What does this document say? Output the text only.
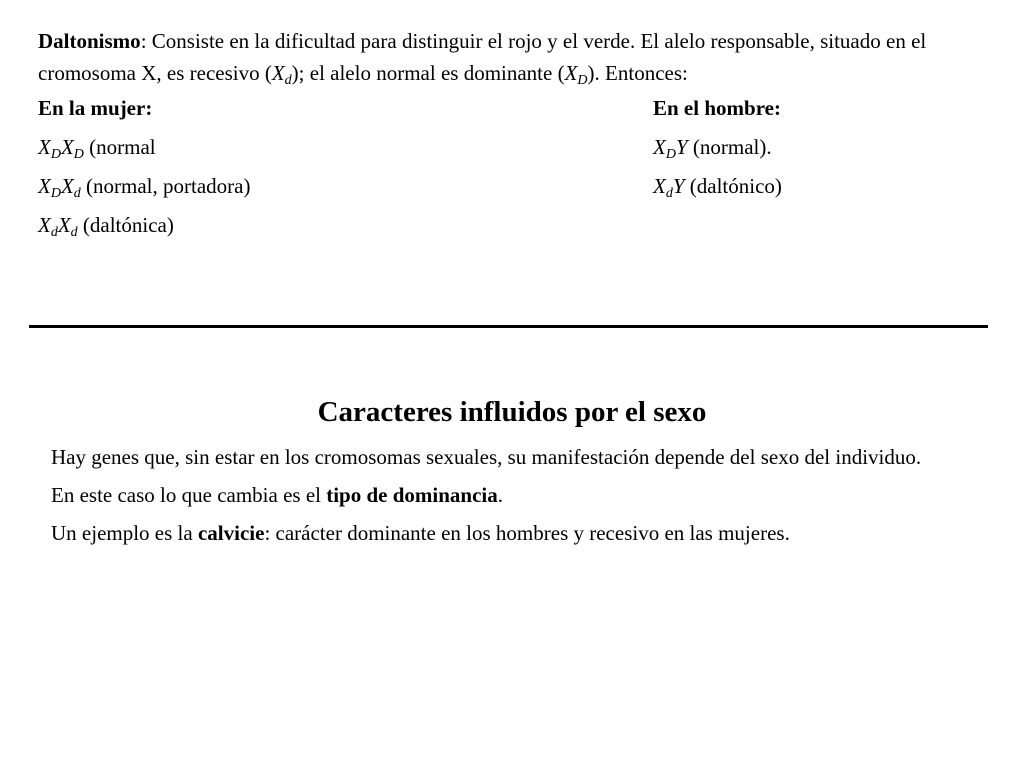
Daltonismo: Consiste en la dificultad para distinguir el rojo y el verde. El alelo responsable, situado en el cromosoma X, es recesivo $(X_d)$; el alelo normal es dominante $(X_D)$. Entonces:
En la mujer:
$X_DX_D$ (normal
$X_DX_d$ (normal, portadora)
$X_dX_d$ (daltónica)
En el hombre:
$X_DY$ (normal).
$X_dY$ (daltónico)
Caracteres influidos por el sexo

Hay genes que, sin estar en los cromosomas sexuales, su manifestación depende del sexo del individuo.

En este caso lo que cambia es el tipo de dominancia.

Un ejemplo es la calvicie: carácter dominante en los hombres y recesivo en las mujeres.
